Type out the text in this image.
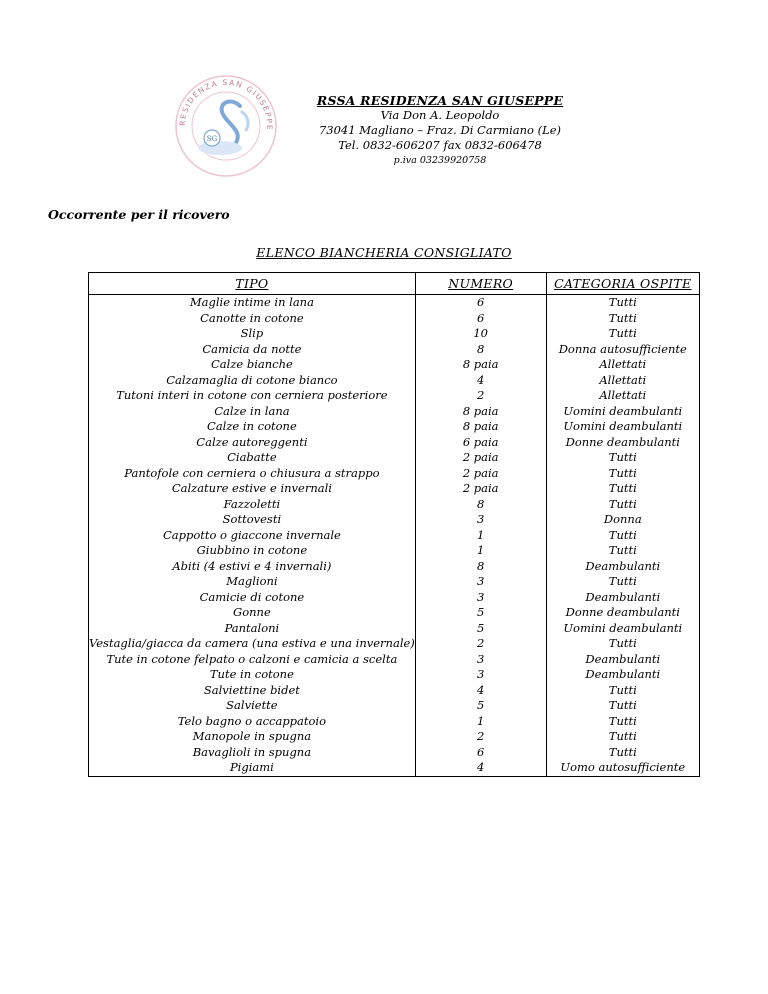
RESIDENZA SAN GIUSEPPE
SG
RSSA RESIDENZA SAN GIUSEPPE
Via Don A. Leopoldo
73041 Magliano – Fraz. Di Carmiano (Le)
Tel. 0832-606207 fax 0832-606478
p.iva 03239920758
Occorrente per il ricovero
ELENCO BIANCHERIA CONSIGLIATO
TIPO	NUMERO	CATEGORIA OSPITE
Maglie intime in lana	6	Tutti
Canotte in cotone	6	Tutti
Slip	10	Tutti
Camicia da notte	8	Donna autosufficiente
Calze bianche	8 paia	Allettati
Calzamaglia di cotone bianco	4	Allettati
Tutoni interi in cotone con cerniera posteriore	2	Allettati
Calze in lana	8 paia	Uomini deambulanti
Calze in cotone	8 paia	Uomini deambulanti
Calze autoreggenti	6 paia	Donne deambulanti
Ciabatte	2 paia	Tutti
Pantofole con cerniera o chiusura a strappo	2 paia	Tutti
Calzature estive e invernali	2 paia	Tutti
Fazzoletti	8	Tutti
Sottovesti	3	Donna
Cappotto o giaccone invernale	1	Tutti
Giubbino in cotone	1	Tutti
Abiti (4 estivi e 4 invernali)	8	Deambulanti
Maglioni	3	Tutti
Camicie di cotone	3	Deambulanti
Gonne	5	Donne deambulanti
Pantaloni	5	Uomini deambulanti
Vestaglia/giacca da camera (una estiva e una invernale)	2	Tutti
Tute in cotone felpato o calzoni e camicia a scelta	3	Deambulanti
Tute in cotone	3	Deambulanti
Salviettine bidet	4	Tutti
Salviette	5	Tutti
Telo bagno o accappatoio	1	Tutti
Manopole in spugna	2	Tutti
Bavaglioli in spugna	6	Tutti
Pigiami	4	Uomo autosufficiente
